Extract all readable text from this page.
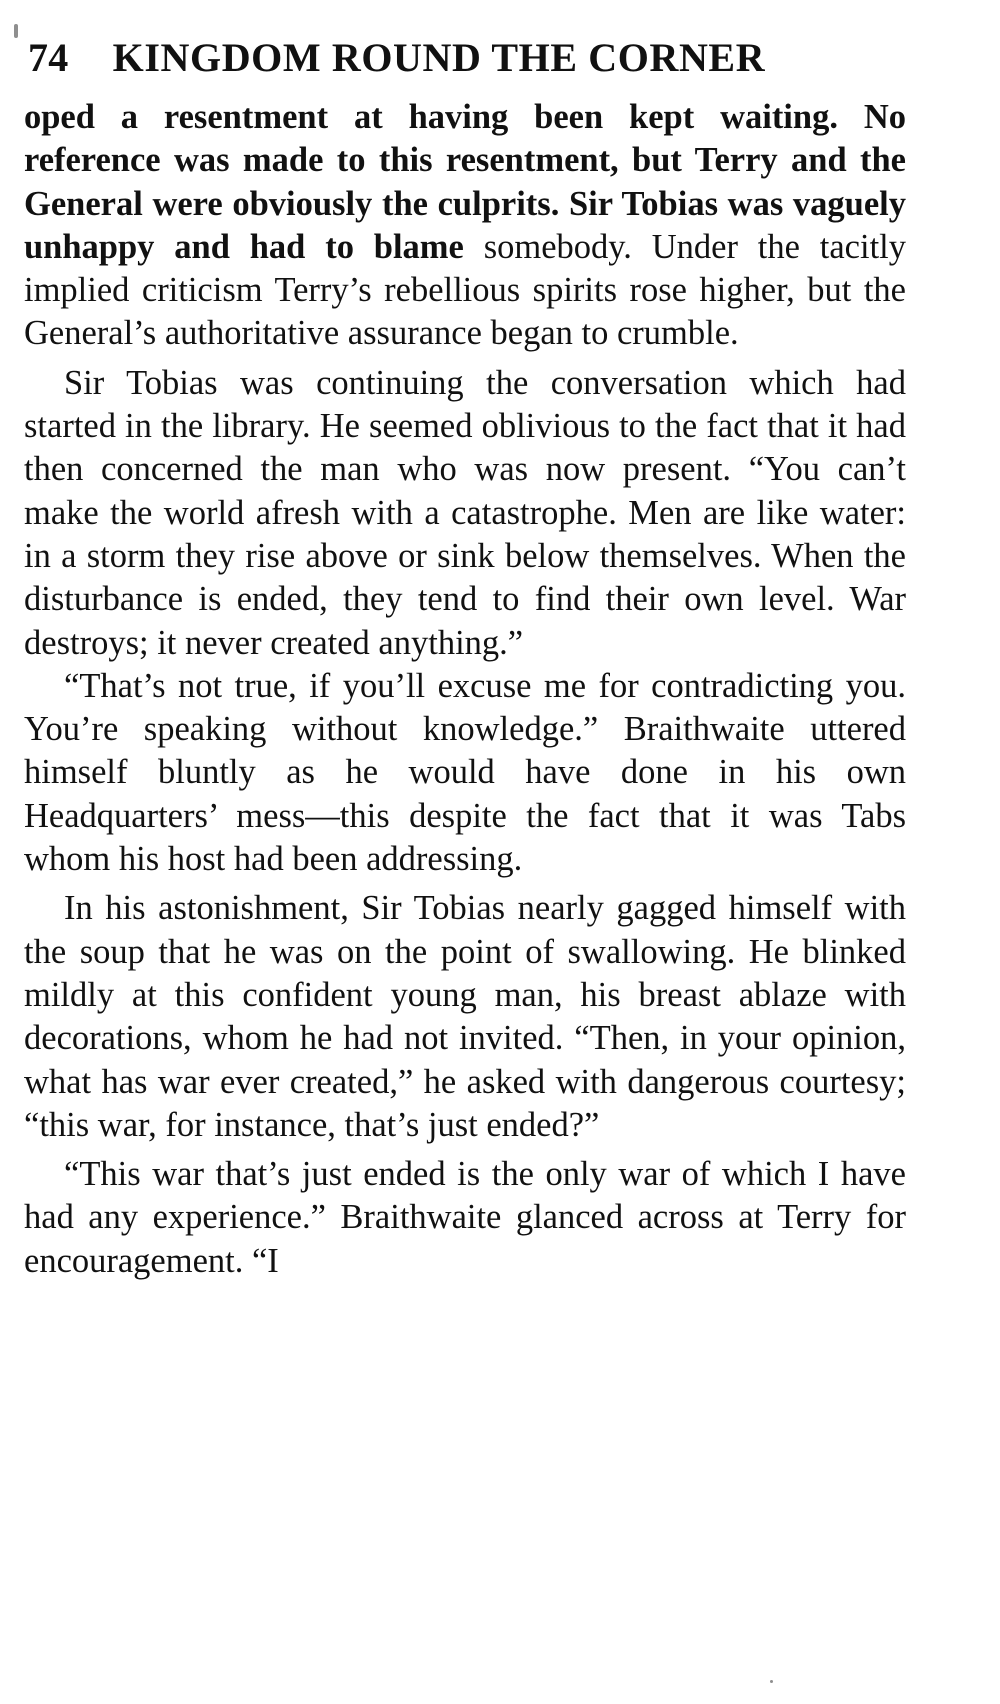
74 KINGDOM ROUND THE CORNER

oped a resentment at having been kept waiting. No reference was made to this resentment, but Terry and the General were obviously the culprits. Sir Tobias was vaguely unhappy and had to blame somebody. Under the tacitly implied criticism Terry’s rebellious spirits rose higher, but the General’s authoritative assurance began to crumble.

Sir Tobias was continuing the conversation which had started in the library. He seemed oblivious to the fact that it had then concerned the man who was now present. “You can’t make the world afresh with a catastrophe. Men are like water: in a storm they rise above or sink below themselves. When the disturbance is ended, they tend to find their own level. War destroys; it never created anything.”

“That’s not true, if you’ll excuse me for contradicting you. You’re speaking without knowledge.” Braithwaite uttered himself bluntly as he would have done in his own Headquarters’ mess—this despite the fact that it was Tabs whom his host had been addressing.

In his astonishment, Sir Tobias nearly gagged himself with the soup that he was on the point of swallowing. He blinked mildly at this confident young man, his breast ablaze with decorations, whom he had not invited. “Then, in your opinion, what has war ever created,” he asked with dangerous courtesy; “this war, for instance, that’s just ended?”

“This war that’s just ended is the only war of which I have had any experience.” Braithwaite glanced across at Terry for encouragement. “I
